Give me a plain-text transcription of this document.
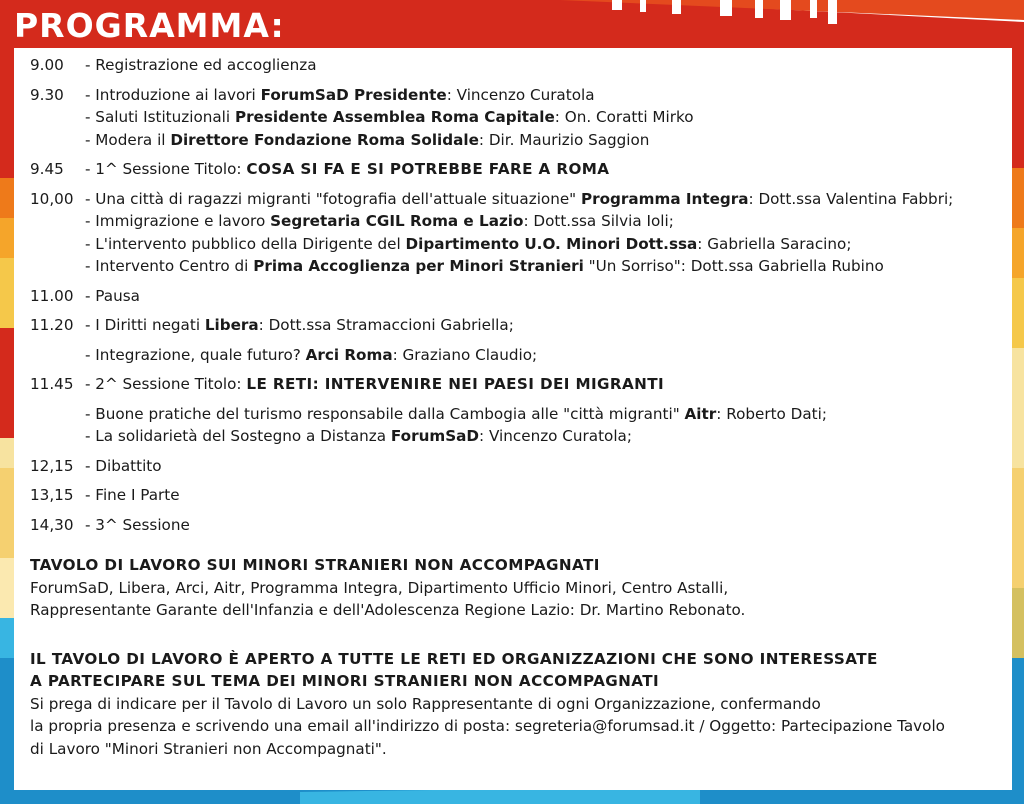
PROGRAMMA:
9.00	- Registrazione ed accoglienza
9.30	- Introduzione ai lavori ForumSaD Presidente: Vincenzo Curatola
- Saluti Istituzionali Presidente Assemblea Roma Capitale: On. Coratti Mirko
- Modera il Direttore Fondazione Roma Solidale: Dir. Maurizio Saggion
9.45	- 1^ Sessione Titolo: COSA SI FA E SI POTREBBE FARE A ROMA
10,00 - Una città di ragazzi migranti "fotografia dell'attuale situazione" Programma Integra: Dott.ssa Valentina Fabbri;
- Immigrazione e lavoro Segretaria CGIL Roma e Lazio: Dott.ssa Silvia Ioli;
- L'intervento pubblico della Dirigente del Dipartimento U.O. Minori Dott.ssa: Gabriella Saracino;
- Intervento Centro di Prima Accoglienza per Minori Stranieri "Un Sorriso": Dott.ssa Gabriella Rubino
11.00 - Pausa
11.20 - I Diritti negati Libera: Dott.ssa Stramaccioni Gabriella;
- Integrazione, quale futuro? Arci Roma: Graziano Claudio;
11.45 - 2^ Sessione Titolo: LE RETI: INTERVENIRE NEI PAESI DEI MIGRANTI
- Buone pratiche del turismo responsabile dalla Cambogia alle "città migranti" Aitr: Roberto Dati;
- La solidarietà del Sostegno a Distanza ForumSaD: Vincenzo Curatola;
12,15 - Dibattito
13,15 - Fine I Parte
14,30 - 3^ Sessione
TAVOLO DI LAVORO SUI MINORI STRANIERI NON ACCOMPAGNATI
ForumSaD, Libera, Arci, Aitr, Programma Integra, Dipartimento Ufficio Minori, Centro Astalli,
Rappresentante Garante dell'Infanzia e dell'Adolescenza Regione Lazio: Dr. Martino Rebonato.
IL TAVOLO DI LAVORO È APERTO A TUTTE LE RETI ED ORGANIZZAZIONI CHE SONO INTERESSATE
A PARTECIPARE SUL TEMA DEI MINORI STRANIERI NON ACCOMPAGNATI
Si prega di indicare per il Tavolo di Lavoro un solo Rappresentante di ogni Organizzazione, confermando
la propria presenza e scrivendo una email all'indirizzo di posta: segreteria@forumsad.it / Oggetto: Partecipazione Tavolo
di Lavoro "Minori Stranieri non Accompagnati".
